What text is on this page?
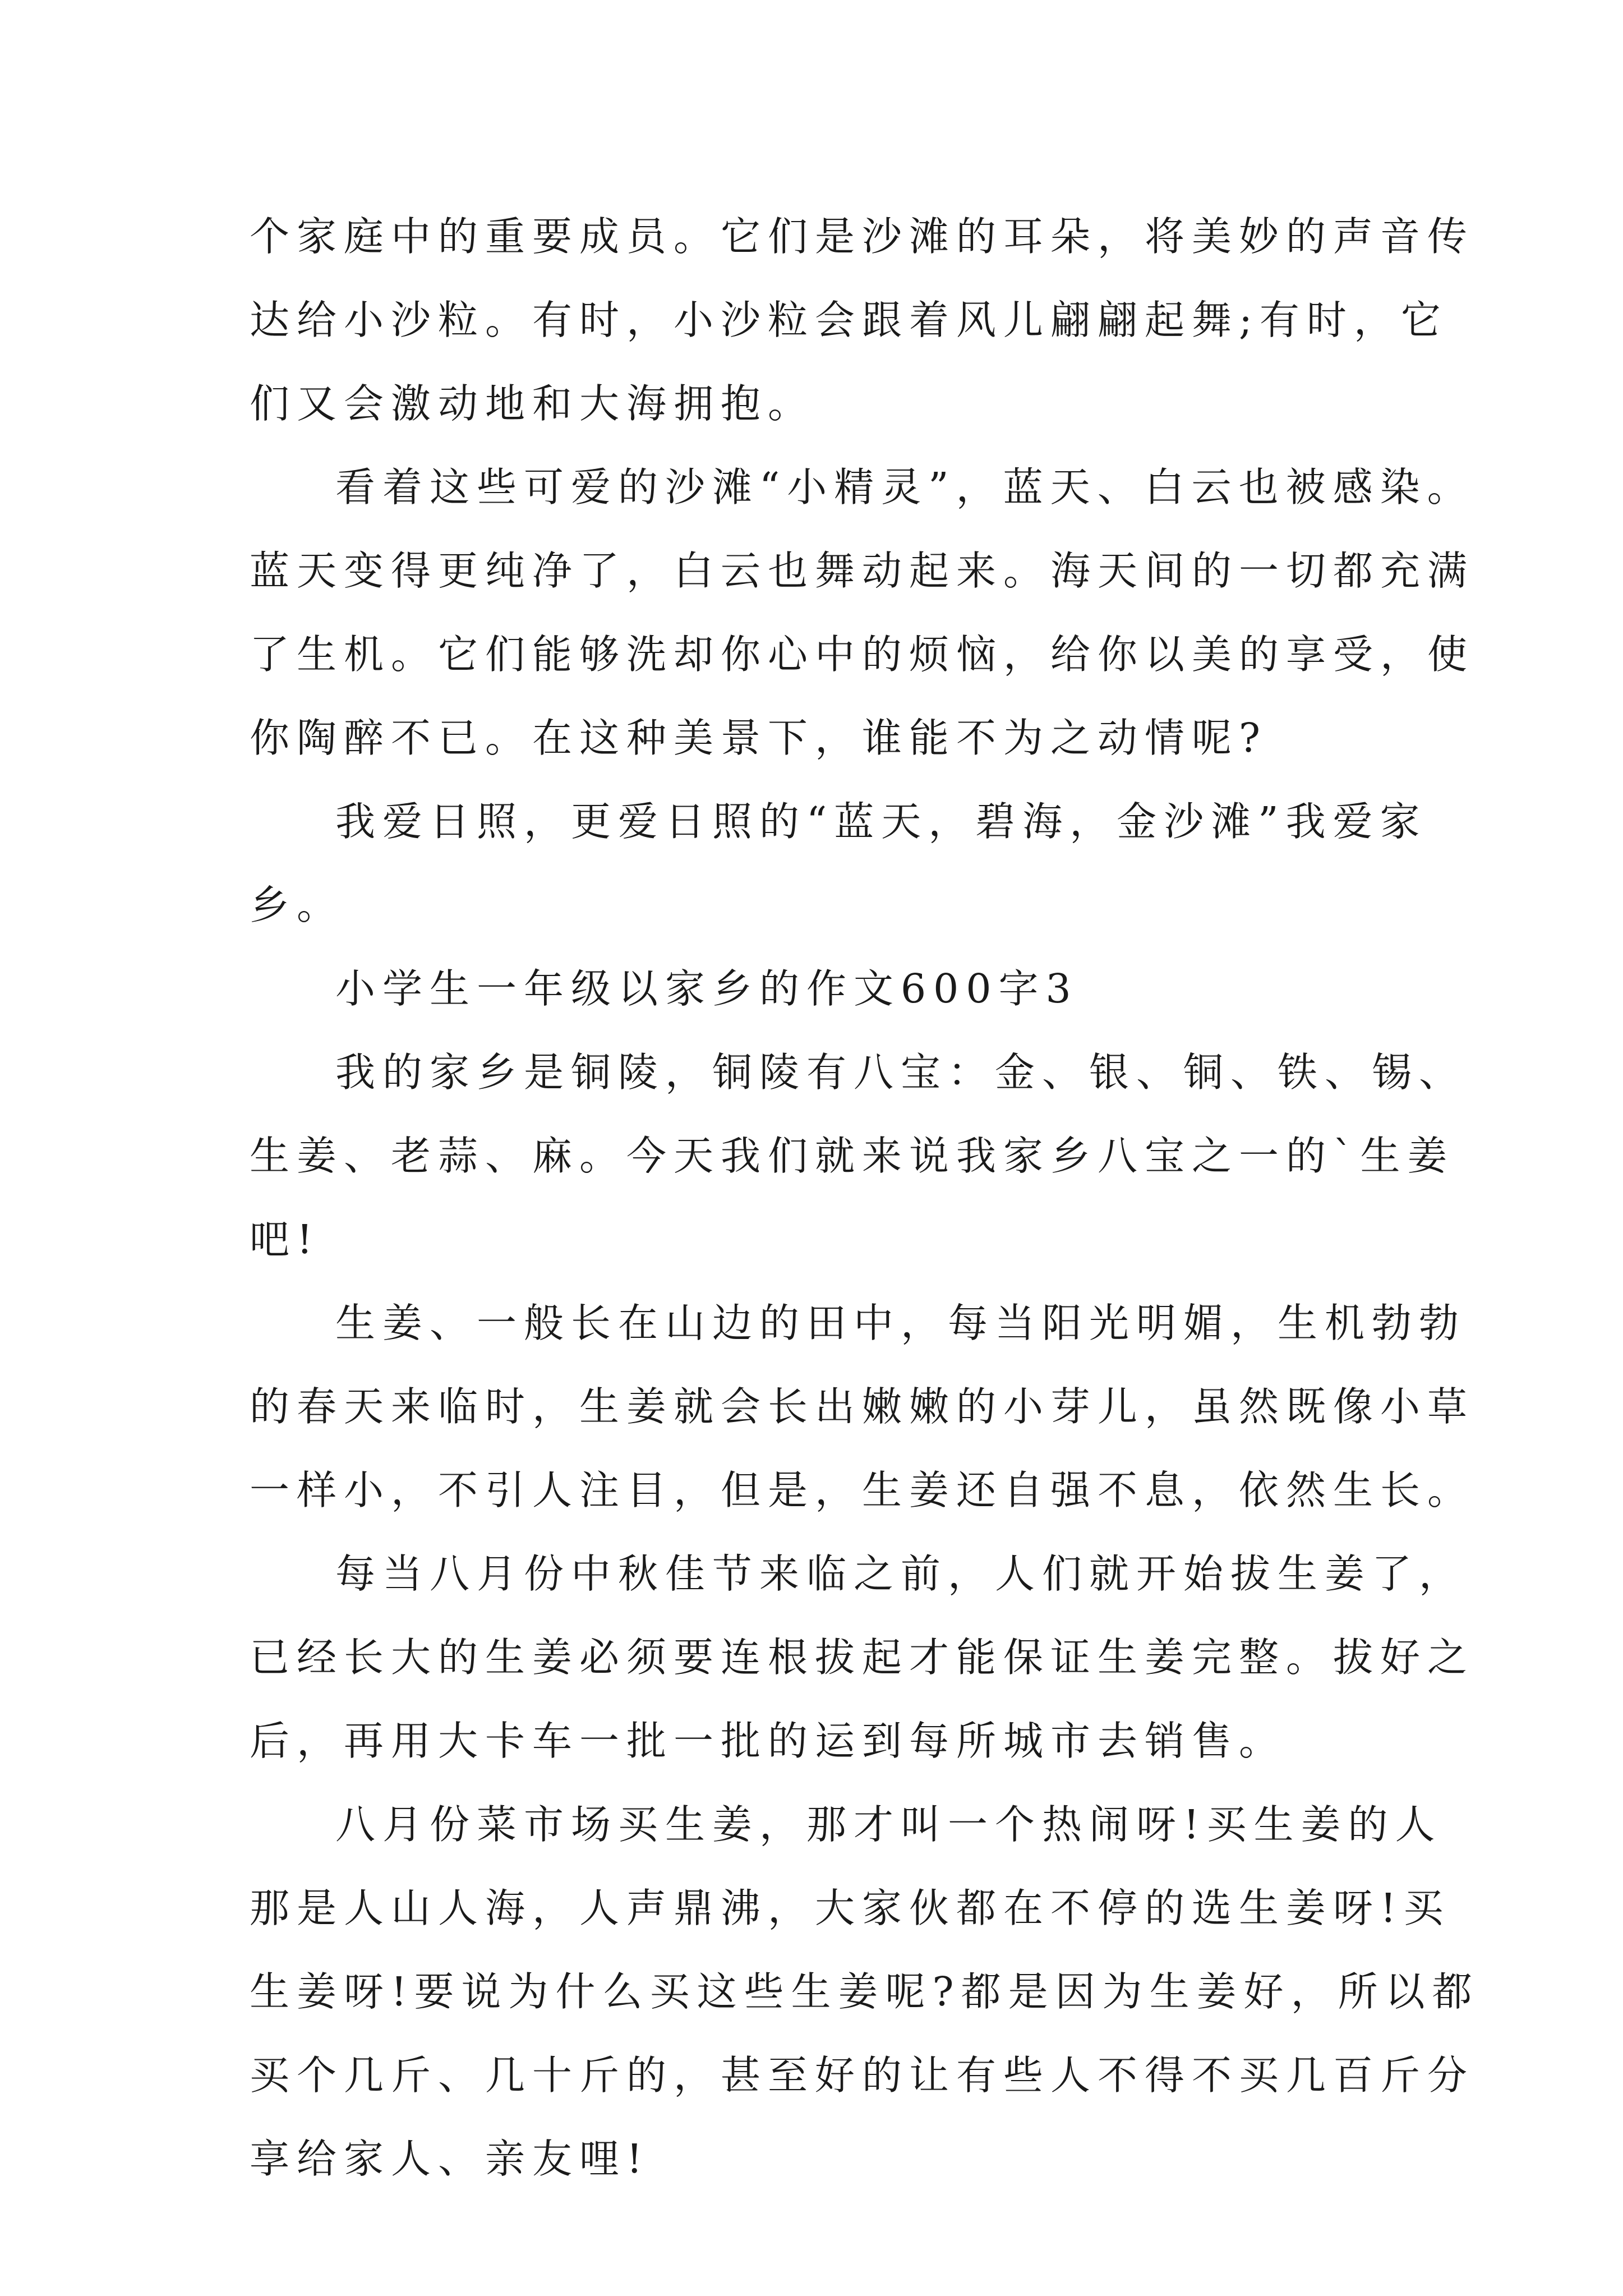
个家庭中的重要成员。它们是沙滩的耳朵，将美妙的声音传

达给小沙粒。有时，小沙粒会跟着风儿翩翩起舞;有时，它

们又会激动地和大海拥抱。

看着这些可爱的沙滩“小精灵”，蓝天、白云也被感染。

蓝天变得更纯净了，白云也舞动起来。海天间的一切都充满

了生机。它们能够洗却你心中的烦恼，给你以美的享受，使

你陶醉不已。在这种美景下，谁能不为之动情呢?

我爱日照，更爱日照的“蓝天，碧海，金沙滩”我爱家

乡。

小学生一年级以家乡的作文600字3

我的家乡是铜陵，铜陵有八宝：金、银、铜、铁、锡、

生姜、老蒜、麻。今天我们就来说我家乡八宝之一的`生姜

吧!

生姜、一般长在山边的田中，每当阳光明媚，生机勃勃

的春天来临时，生姜就会长出嫩嫩的小芽儿，虽然既像小草

一样小，不引人注目，但是，生姜还自强不息，依然生长。

每当八月份中秋佳节来临之前，人们就开始拔生姜了，

已经长大的生姜必须要连根拔起才能保证生姜完整。拔好之

后，再用大卡车一批一批的运到每所城市去销售。

八月份菜市场买生姜，那才叫一个热闹呀!买生姜的人

那是人山人海，人声鼎沸，大家伙都在不停的选生姜呀!买

生姜呀!要说为什么买这些生姜呢?都是因为生姜好，所以都

买个几斤、几十斤的，甚至好的让有些人不得不买几百斤分

享给家人、亲友哩!
